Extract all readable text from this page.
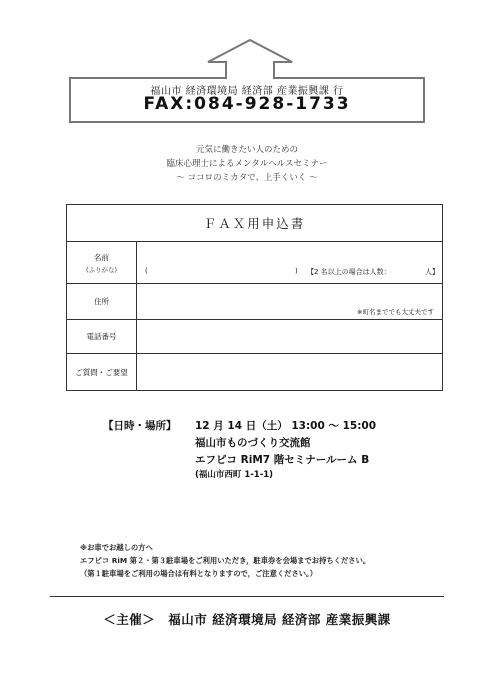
福山市 経済環境局 経済部 産業振興課 行
FAX:084-928-1733
元気に働きたい人のための
臨床心理士によるメンタルヘルスセミナー
〜 ココロのミカタで、上手くいく 〜
ＦＡＸ用申込書
名前
(ふりがな)	(	) 【2 名以上の場合は人数：	人】
住所
※町名まででも大丈夫です
電話番号
ご質問・ご要望
【日時・場所】 12 月 14 日（土） 13:00 〜 15:00
福山市ものづくり交流館
エフピコ RiM7 階セミナールーム B
(福山市西町 1-1-1)
※お車でお越しの方へ
エフピコ RiM 第２・第３駐車場をご利用いただき，駐車券を会場までお持ちください。
（第１駐車場をご利用の場合は有料となりますので，ご注意ください。）
＜主催＞　福山市 経済環境局 経済部 産業振興課
